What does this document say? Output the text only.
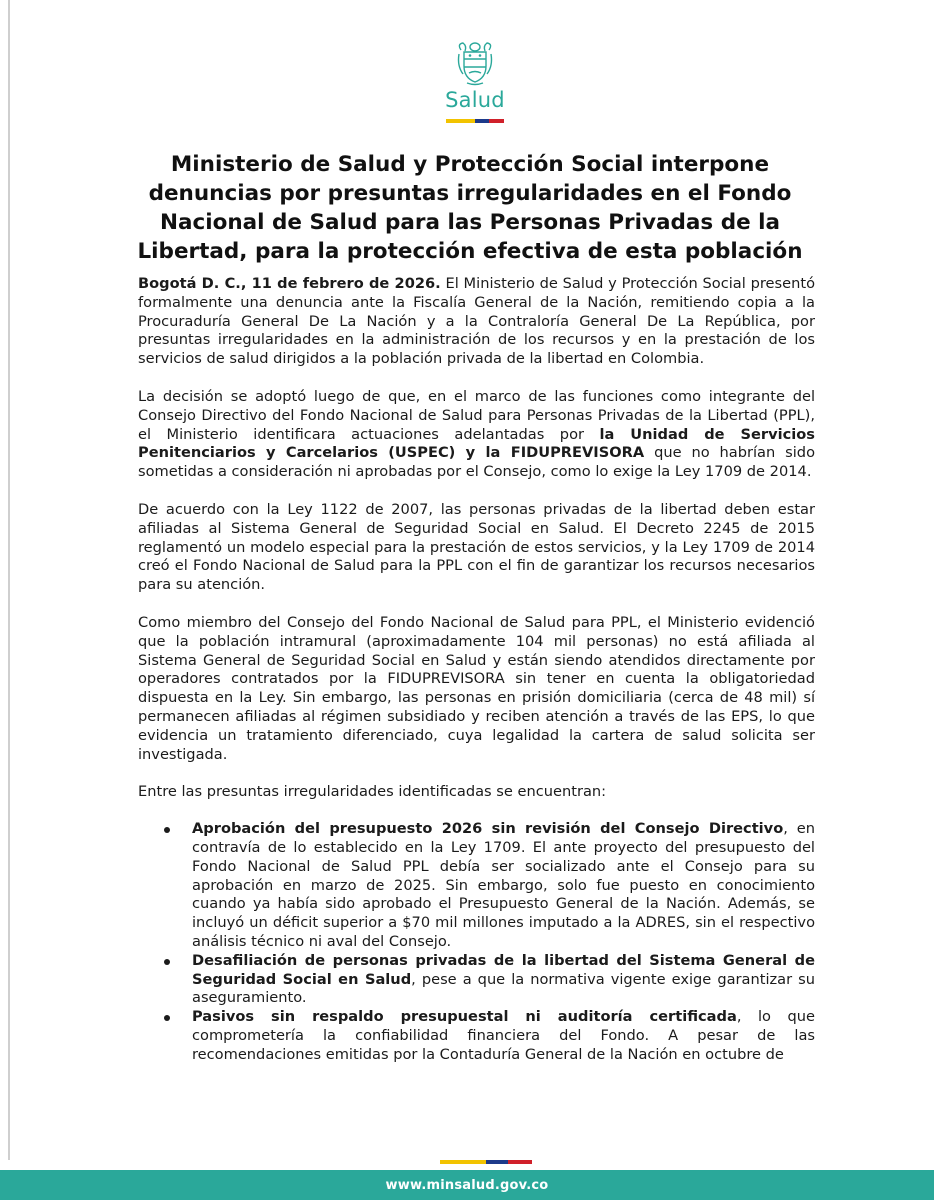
Salud
Ministerio de Salud y Protección Social interpone denuncias por presuntas irregularidades en el Fondo Nacional de Salud para las Personas Privadas de la Libertad, para la protección efectiva de esta población

Bogotá D. C., 11 de febrero de 2026. El Ministerio de Salud y Protección Social presentó formalmente una denuncia ante la Fiscalía General de la Nación, remitiendo copia a la Procuraduría General De La Nación y a la Contraloría General De La República, por presuntas irregularidades en la administración de los recursos y en la prestación de los servicios de salud dirigidos a la población privada de la libertad en Colombia.

La decisión se adoptó luego de que, en el marco de las funciones como integrante del Consejo Directivo del Fondo Nacional de Salud para Personas Privadas de la Libertad (PPL), el Ministerio identificara actuaciones adelantadas por la Unidad de Servicios Penitenciarios y Carcelarios (USPEC) y la FIDUPREVISORA que no habrían sido sometidas a consideración ni aprobadas por el Consejo, como lo exige la Ley 1709 de 2014.

De acuerdo con la Ley 1122 de 2007, las personas privadas de la libertad deben estar afiliadas al Sistema General de Seguridad Social en Salud. El Decreto 2245 de 2015 reglamentó un modelo especial para la prestación de estos servicios, y la Ley 1709 de 2014 creó el Fondo Nacional de Salud para la PPL con el fin de garantizar los recursos necesarios para su atención.

Como miembro del Consejo del Fondo Nacional de Salud para PPL, el Ministerio evidenció que la población intramural (aproximadamente 104 mil personas) no está afiliada al Sistema General de Seguridad Social en Salud y están siendo atendidos directamente por operadores contratados por la FIDUPREVISORA sin tener en cuenta la obligatoriedad dispuesta en la Ley. Sin embargo, las personas en prisión domiciliaria (cerca de 48 mil) sí permanecen afiliadas al régimen subsidiado y reciben atención a través de las EPS, lo que evidencia un tratamiento diferenciado, cuya legalidad la cartera de salud solicita ser investigada.

Entre las presuntas irregularidades identificadas se encuentran:

Aprobación del presupuesto 2026 sin revisión del Consejo Directivo, en contravía de lo establecido en la Ley 1709. El ante proyecto del presupuesto del Fondo Nacional de Salud PPL debía ser socializado ante el Consejo para su aprobación en marzo de 2025. Sin embargo, solo fue puesto en conocimiento cuando ya había sido aprobado el Presupuesto General de la Nación. Además, se incluyó un déficit superior a $70 mil millones imputado a la ADRES, sin el respectivo análisis técnico ni aval del Consejo.
Desafiliación de personas privadas de la libertad del Sistema General de Seguridad Social en Salud, pese a que la normativa vigente exige garantizar su aseguramiento.
Pasivos sin respaldo presupuestal ni auditoría certificada, lo que comprometería la confiabilidad financiera del Fondo. A pesar de las recomendaciones emitidas por la Contaduría General de la Nación en octubre de
www.minsalud.gov.co
